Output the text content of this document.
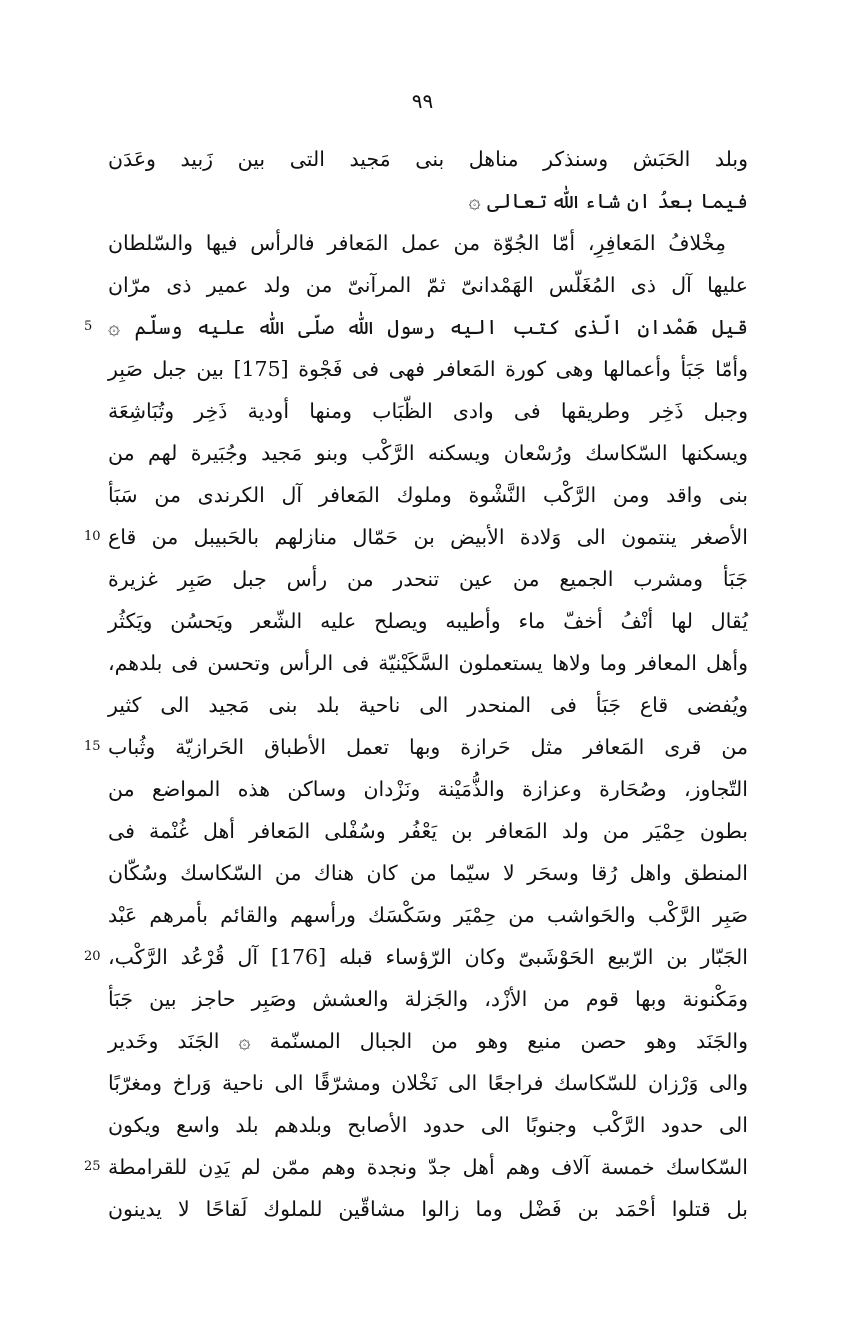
٩٩
وبلد الحَبَش وسنذكر مناهل بنى مَجيد التى بين زَبيد وعَدَن
فيما بعدُ ان شاء اللّٰه تعالى ۞
مِخْلافُ المَعافِرِ، أمّا الجُوّة من عمل المَعافر فالرأس فيها والسّلطان
عليها آل ذى المُغَلّس الهَمْدانىّ ثمّ المرآنىّ من ولد عمير ذى مرّان
5 قيل هَمْدان الّذى كتب اليه رسول اللّٰه صلّى اللّٰه عليه وسلّم ۞
وأمّا جَبَأ وأعمالها وهى كورة المَعافر فهى فى فَجْوة [175] بين جبل صَبِر
وجبل ذَخِر وطريقها فى وادى الظّبَاب ومنها أودية ذَخِر وتُبَاشِعَة
ويسكنها السّكاسك ورُسْعان ويسكنه الرَّكْب وبنو مَجيد وجُبَيرة لهم من
بنى واقد ومن الرَّكْب النَّشْوة وملوك المَعافر آل الكرندى من سَبَأ
10 الأصغر ينتمون الى وَلادة الأبيض بن حَمّال منازلهم بالحَبيبل من قاع
جَبَأ ومشرب الجميع من عين تنحدر من رأس جبل صَبِر غزيرة
يُقال لها أنْفُ أخفّ ماء وأطيبه ويصلح عليه الشّعر ويَحسُن ويَكثُر
وأهل المعافر وما ولاها يستعملون السَّكَيْنيّة فى الرأس وتحسن فى بلدهم،
ويُفضى قاع جَبَأ فى المنحدر الى ناحية بلد بنى مَجيد الى كثير
15 من قرى المَعافر مثل حَرازة وبها تعمل الأطباق الحَرازيّة وثُباب
التّجاوز، وصُحَارة وعزازة والذُّمَيْنة ونَزْدان وساكن هذه المواضع من
بطون حِمْيَر من ولد المَعافر بن يَعْفُر وسُفْلى المَعافر أهل غُنْمة فى
المنطق واهل رُقا وسحَر لا سيّما من كان هناك من السّكاسك وسُكّان
صَبِر الرَّكْب والحَواشب من حِمْيَر وسَكْسَك ورأسهم والقائم بأمرهم عَبْد
20 الجَبّار بن الرّبيع الحَوْشَبىّ وكان الرّؤساء قبله [176] آل قُرْعُد الرَّكْب،
ومَكْنونة وبها قوم من الأزْد، والجَزلة والعشش وصَبِر حاجز بين جَبَأ
والجَنَد وهو حصن منيع وهو من الجبال المسنّمة ۞ الجَنَد وخَدير
والى وَرْزان للسّكاسك فراجعًا الى نَخْلان ومشرّقًا الى ناحية وَراخ ومغرّبًا
الى حدود الرَّكْب وجنوبًا الى حدود الأصابح وبلدهم بلد واسع ويكون
25 السّكاسك خمسة آلاف وهم أهل جدّ ونجدة وهم ممّن لم يَدِن للقرامطة
بل قتلوا أحْمَد بن فَضْل وما زالوا مشاقّين للملوك لَقاحًا لا يدينون
